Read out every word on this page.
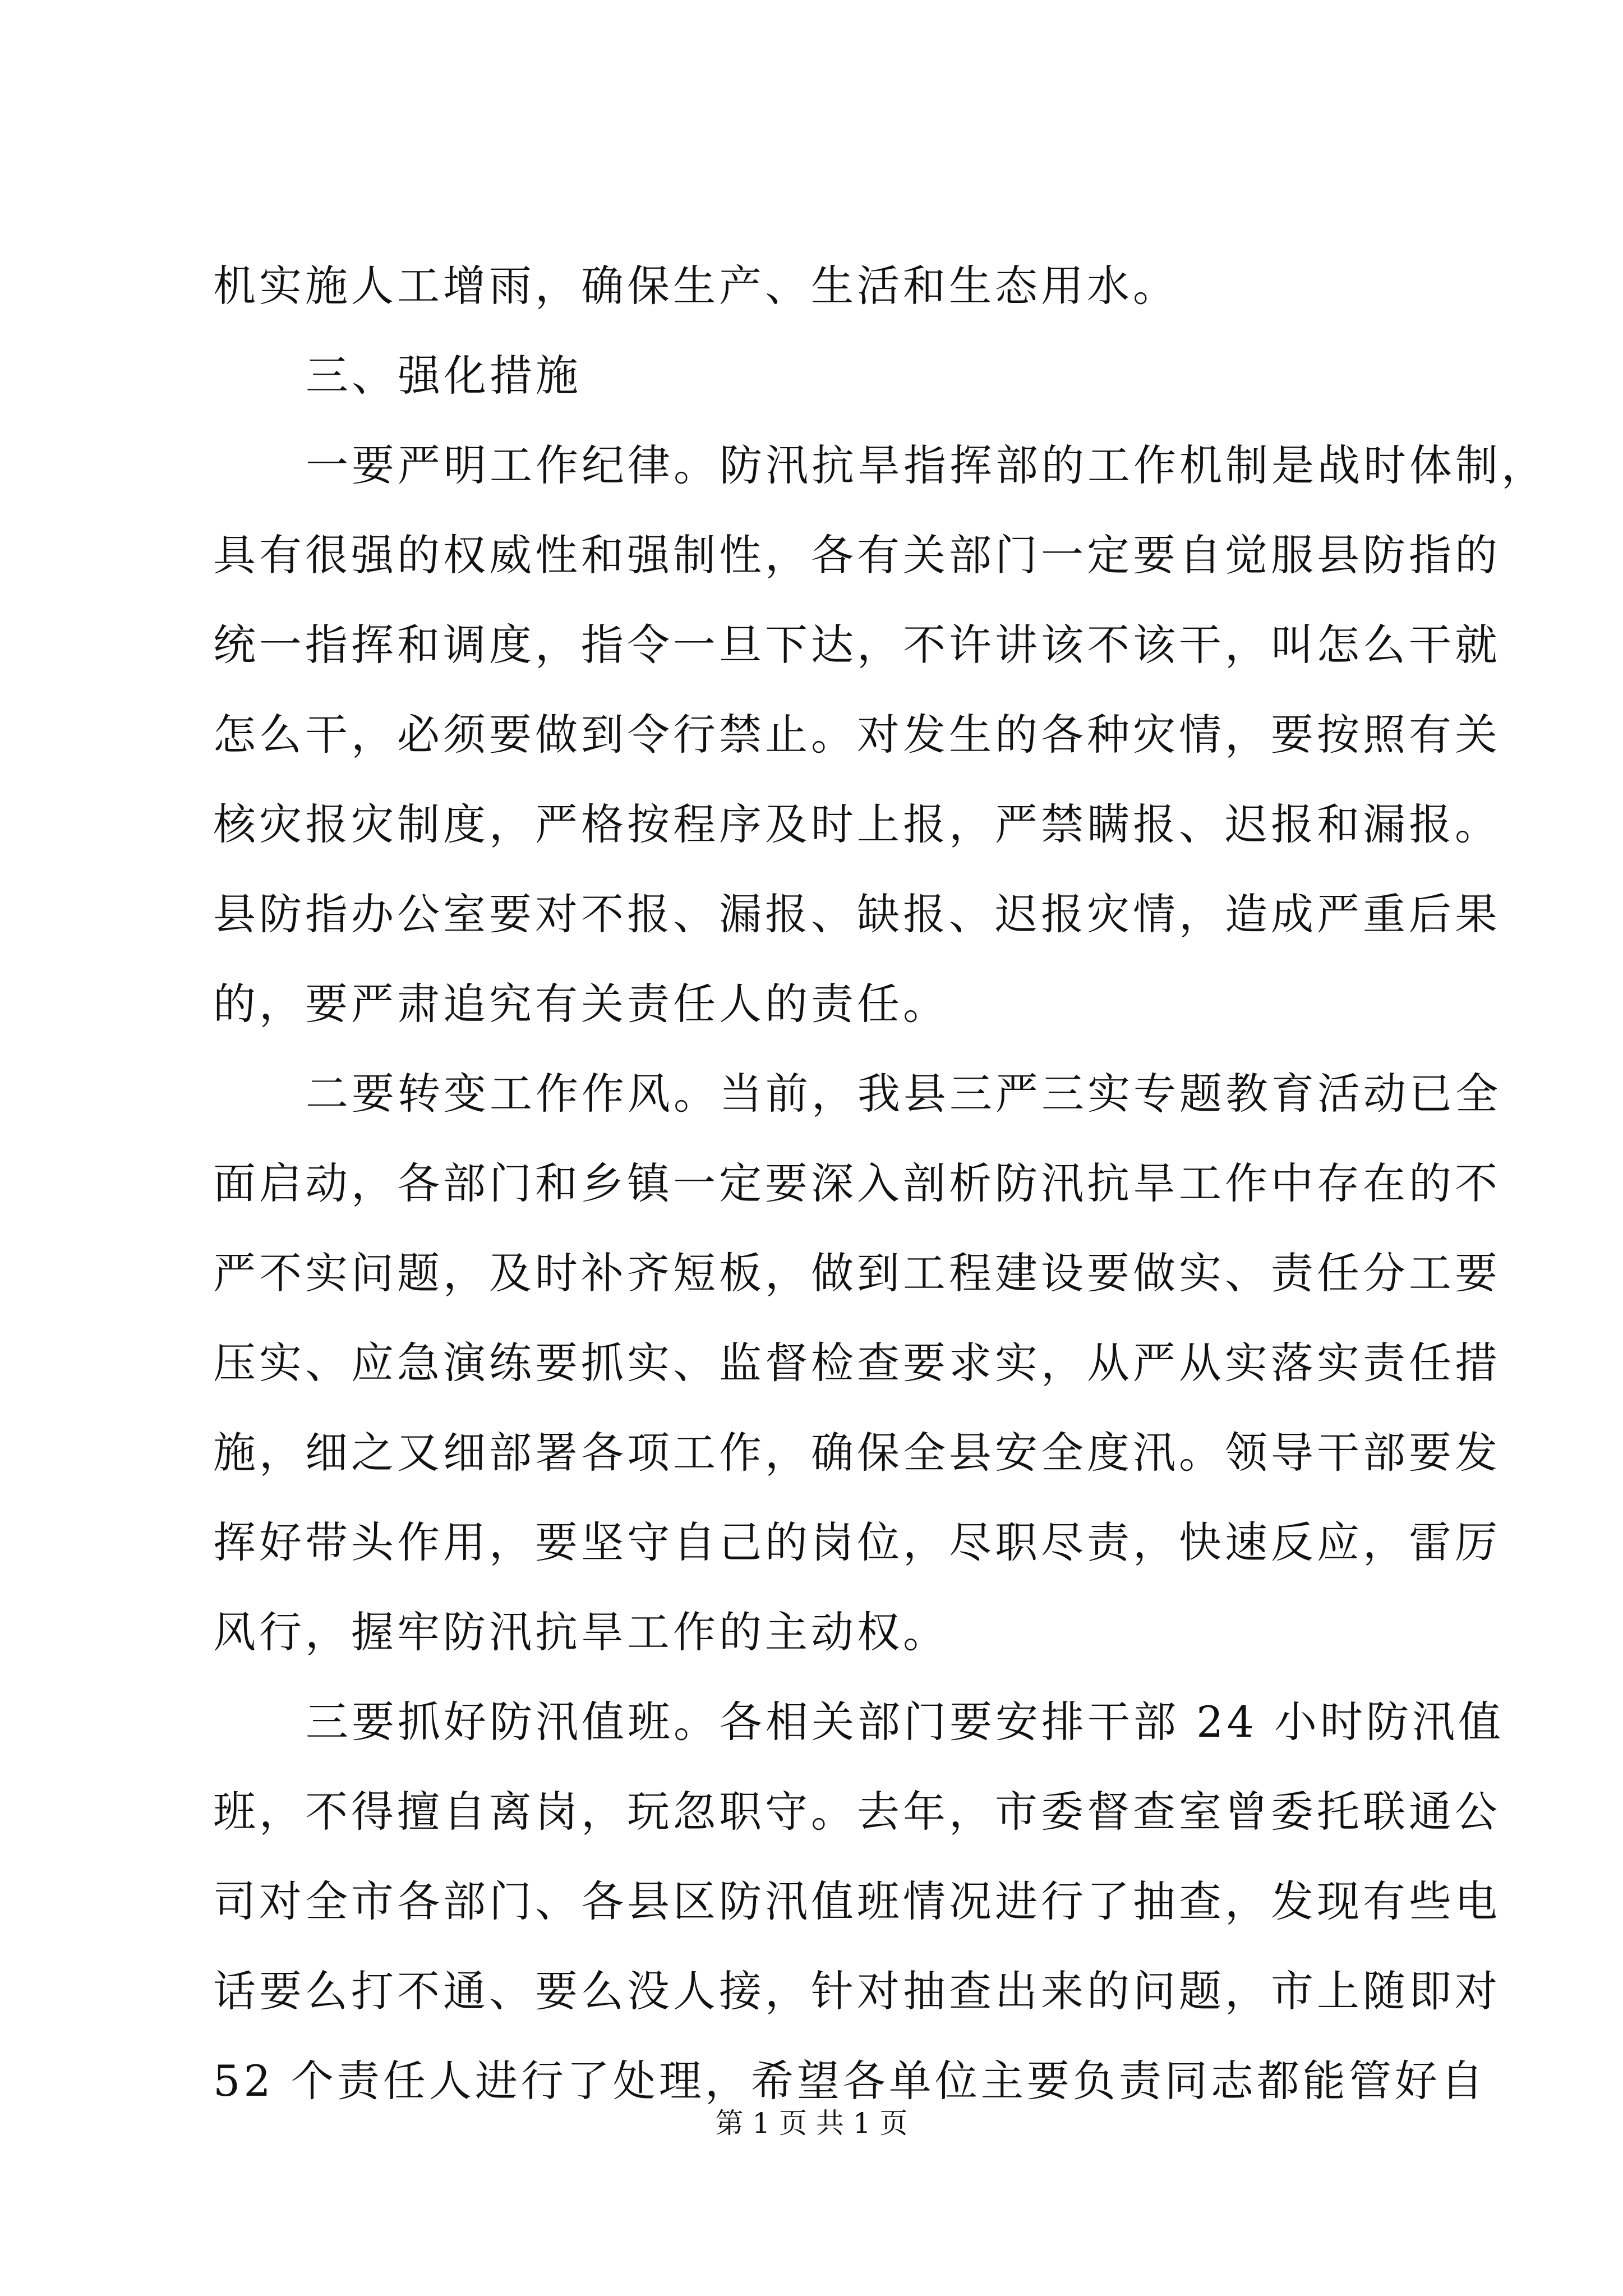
机实施人工增雨，确保生产、生活和生态用水。
三、强化措施
一要严明工作纪律。防汛抗旱指挥部的工作机制是战时体制，
具有很强的权威性和强制性，各有关部门一定要自觉服县防指的
统一指挥和调度，指令一旦下达，不许讲该不该干，叫怎么干就
怎么干，必须要做到令行禁止。对发生的各种灾情，要按照有关
核灾报灾制度，严格按程序及时上报，严禁瞒报、迟报和漏报。
县防指办公室要对不报、漏报、缺报、迟报灾情，造成严重后果
的，要严肃追究有关责任人的责任。
二要转变工作作风。当前，我县三严三实专题教育活动已全
面启动，各部门和乡镇一定要深入剖析防汛抗旱工作中存在的不
严不实问题，及时补齐短板，做到工程建设要做实、责任分工要
压实、应急演练要抓实、监督检查要求实，从严从实落实责任措
施，细之又细部署各项工作，确保全县安全度汛。领导干部要发
挥好带头作用，要坚守自己的岗位，尽职尽责，快速反应，雷厉
风行，握牢防汛抗旱工作的主动权。
三要抓好防汛值班。各相关部门要安排干部 24 小时防汛值
班，不得擅自离岗，玩忽职守。去年，市委督查室曾委托联通公
司对全市各部门、各县区防汛值班情况进行了抽查，发现有些电
话要么打不通、要么没人接，针对抽查出来的问题，市上随即对
52 个责任人进行了处理，希望各单位主要负责同志都能管好自
第 1 页 共 1 页
